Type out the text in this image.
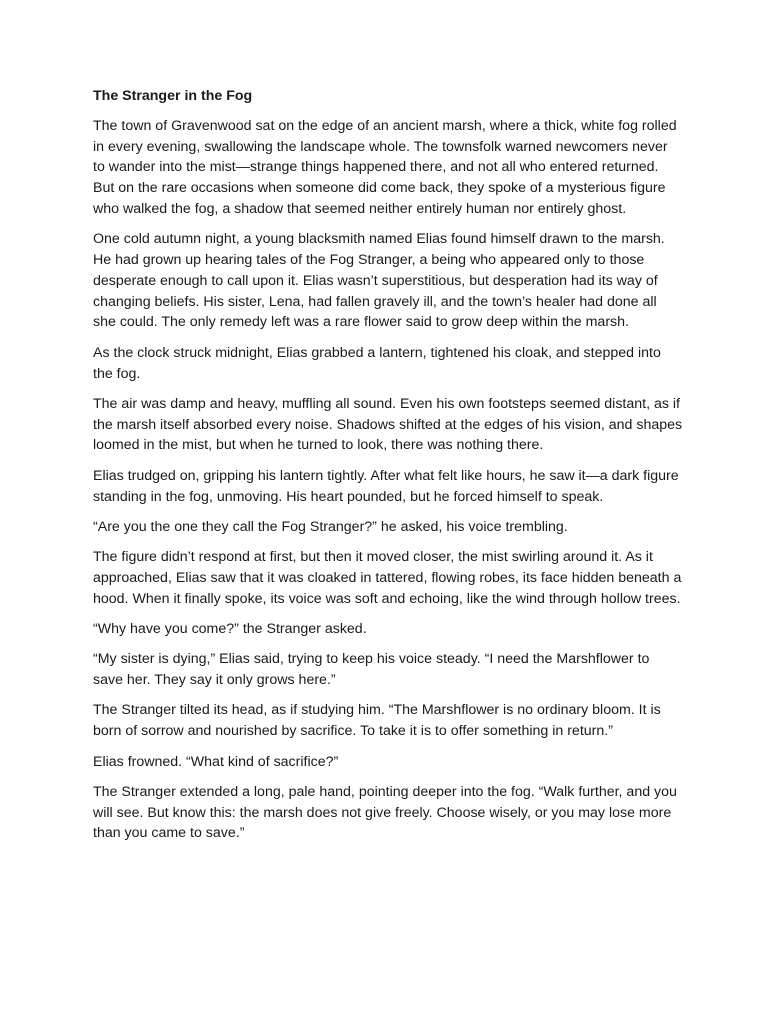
The Stranger in the Fog

The town of Gravenwood sat on the edge of an ancient marsh, where a thick, white fog rolled in every evening, swallowing the landscape whole. The townsfolk warned newcomers never to wander into the mist—strange things happened there, and not all who entered returned. But on the rare occasions when someone did come back, they spoke of a mysterious figure who walked the fog, a shadow that seemed neither entirely human nor entirely ghost.

One cold autumn night, a young blacksmith named Elias found himself drawn to the marsh. He had grown up hearing tales of the Fog Stranger, a being who appeared only to those desperate enough to call upon it. Elias wasn’t superstitious, but desperation had its way of changing beliefs. His sister, Lena, had fallen gravely ill, and the town’s healer had done all she could. The only remedy left was a rare flower said to grow deep within the marsh.

As the clock struck midnight, Elias grabbed a lantern, tightened his cloak, and stepped into the fog.

The air was damp and heavy, muffling all sound. Even his own footsteps seemed distant, as if the marsh itself absorbed every noise. Shadows shifted at the edges of his vision, and shapes loomed in the mist, but when he turned to look, there was nothing there.

Elias trudged on, gripping his lantern tightly. After what felt like hours, he saw it—a dark figure standing in the fog, unmoving. His heart pounded, but he forced himself to speak.

“Are you the one they call the Fog Stranger?” he asked, his voice trembling.

The figure didn’t respond at first, but then it moved closer, the mist swirling around it. As it approached, Elias saw that it was cloaked in tattered, flowing robes, its face hidden beneath a hood. When it finally spoke, its voice was soft and echoing, like the wind through hollow trees.

“Why have you come?” the Stranger asked.

“My sister is dying,” Elias said, trying to keep his voice steady. “I need the Marshflower to save her. They say it only grows here.”

The Stranger tilted its head, as if studying him. “The Marshflower is no ordinary bloom. It is born of sorrow and nourished by sacrifice. To take it is to offer something in return.”

Elias frowned. “What kind of sacrifice?”

The Stranger extended a long, pale hand, pointing deeper into the fog. “Walk further, and you will see. But know this: the marsh does not give freely. Choose wisely, or you may lose more than you came to save.”
